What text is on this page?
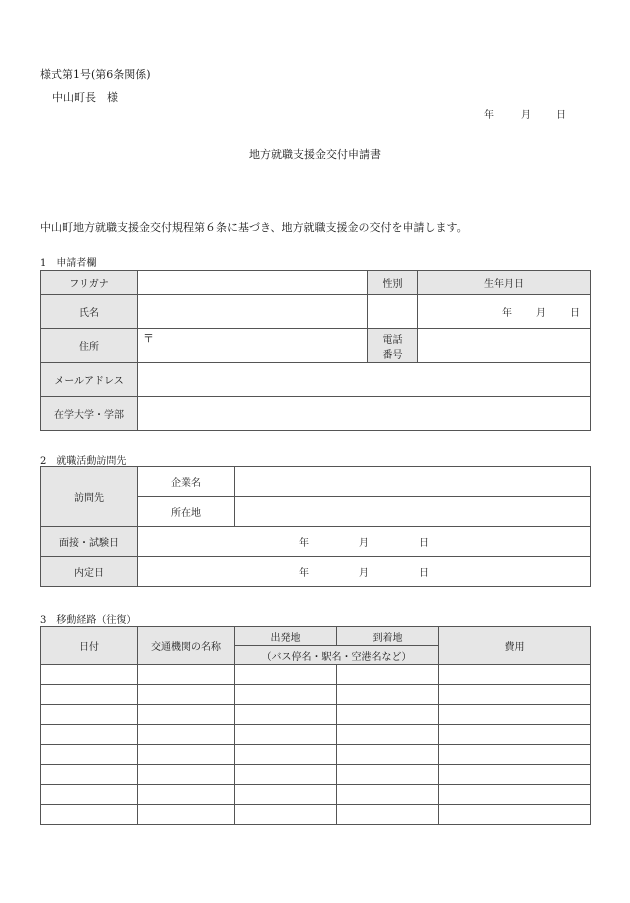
様式第1号(第6条関係)
中山町長　様
年	月	日
地方就職支援金交付申請書
中山町地方就職支援金交付規程第６条に基づき、地方就職支援金の交付を申請します。
1　申請者欄
フリガナ		性別	生年月日
氏名			年 月 日

住所	〒	電話
番号	

メールアドレス			
在学大学・学部			
2　就職活動訪問先
訪問先	企業名	
	所在地	
面接・試験日	年 月 日	

内定日	年 月 日	
3　移動経路（往復）
日付	交通機関の名称	出発地	到着地	費用
		（バス停名・駅名・空港名など）		
